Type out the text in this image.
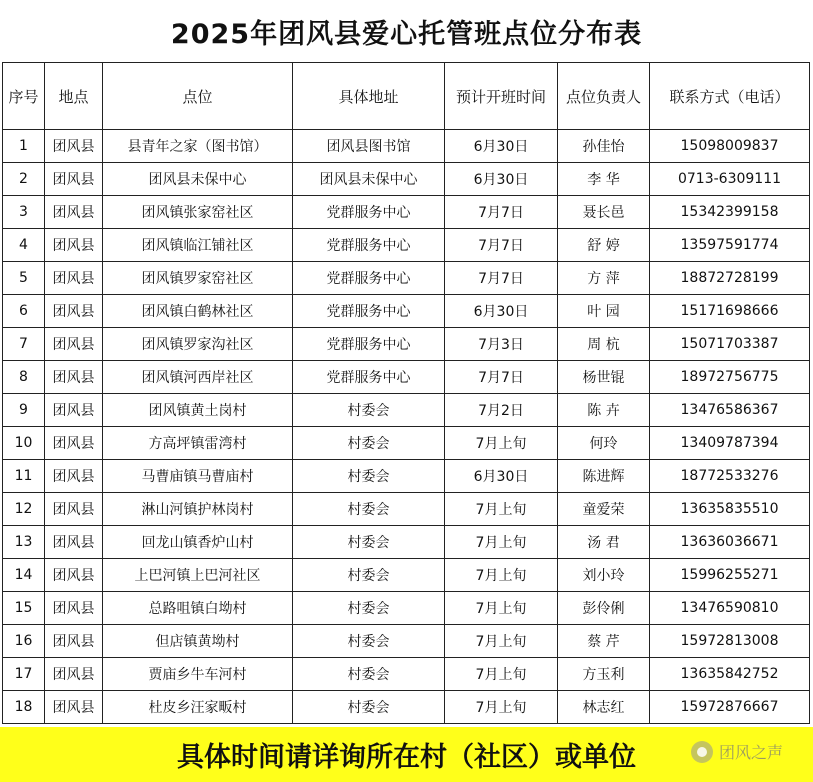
2025年团风县爱心托管班点位分布表
序号	地点	点位	具体地址	预计开班时间	点位负责人	联系方式（电话）
1	团风县	县青年之家（图书馆）	团风县图书馆	6月30日	孙佳怡	15098009837
2	团风县	团风县未保中心	团风县未保中心	6月30日	李 华	0713-6309111
3	团风县	团风镇张家窑社区	党群服务中心	7月7日	聂长邑	15342399158
4	团风县	团风镇临江铺社区	党群服务中心	7月7日	舒 婷	13597591774
5	团风县	团风镇罗家窑社区	党群服务中心	7月7日	方 萍	18872728199
6	团风县	团风镇白鹤林社区	党群服务中心	6月30日	叶 园	15171698666
7	团风县	团风镇罗家沟社区	党群服务中心	7月3日	周 杭	15071703387
8	团风县	团风镇河西岸社区	党群服务中心	7月7日	杨世锟	18972756775
9	团风县	团风镇黄土岗村	村委会	7月2日	陈 卉	13476586367
10	团风县	方高坪镇雷湾村	村委会	7月上旬	何玲	13409787394
11	团风县	马曹庙镇马曹庙村	村委会	6月30日	陈进辉	18772533276
12	团风县	淋山河镇护林岗村	村委会	7月上旬	童爱荣	13635835510
13	团风县	回龙山镇香炉山村	村委会	7月上旬	汤 君	13636036671
14	团风县	上巴河镇上巴河社区	村委会	7月上旬	刘小玲	15996255271
15	团风县	总路咀镇白坳村	村委会	7月上旬	彭伶俐	13476590810
16	团风县	但店镇黄坳村	村委会	7月上旬	蔡 芹	15972813008
17	团风县	贾庙乡牛车河村	村委会	7月上旬	方玉利	13635842752
18	团风县	杜皮乡汪家畈村	村委会	7月上旬	林志红	15972876667
具体时间请详询所在村（社区）或单位	团风之声
